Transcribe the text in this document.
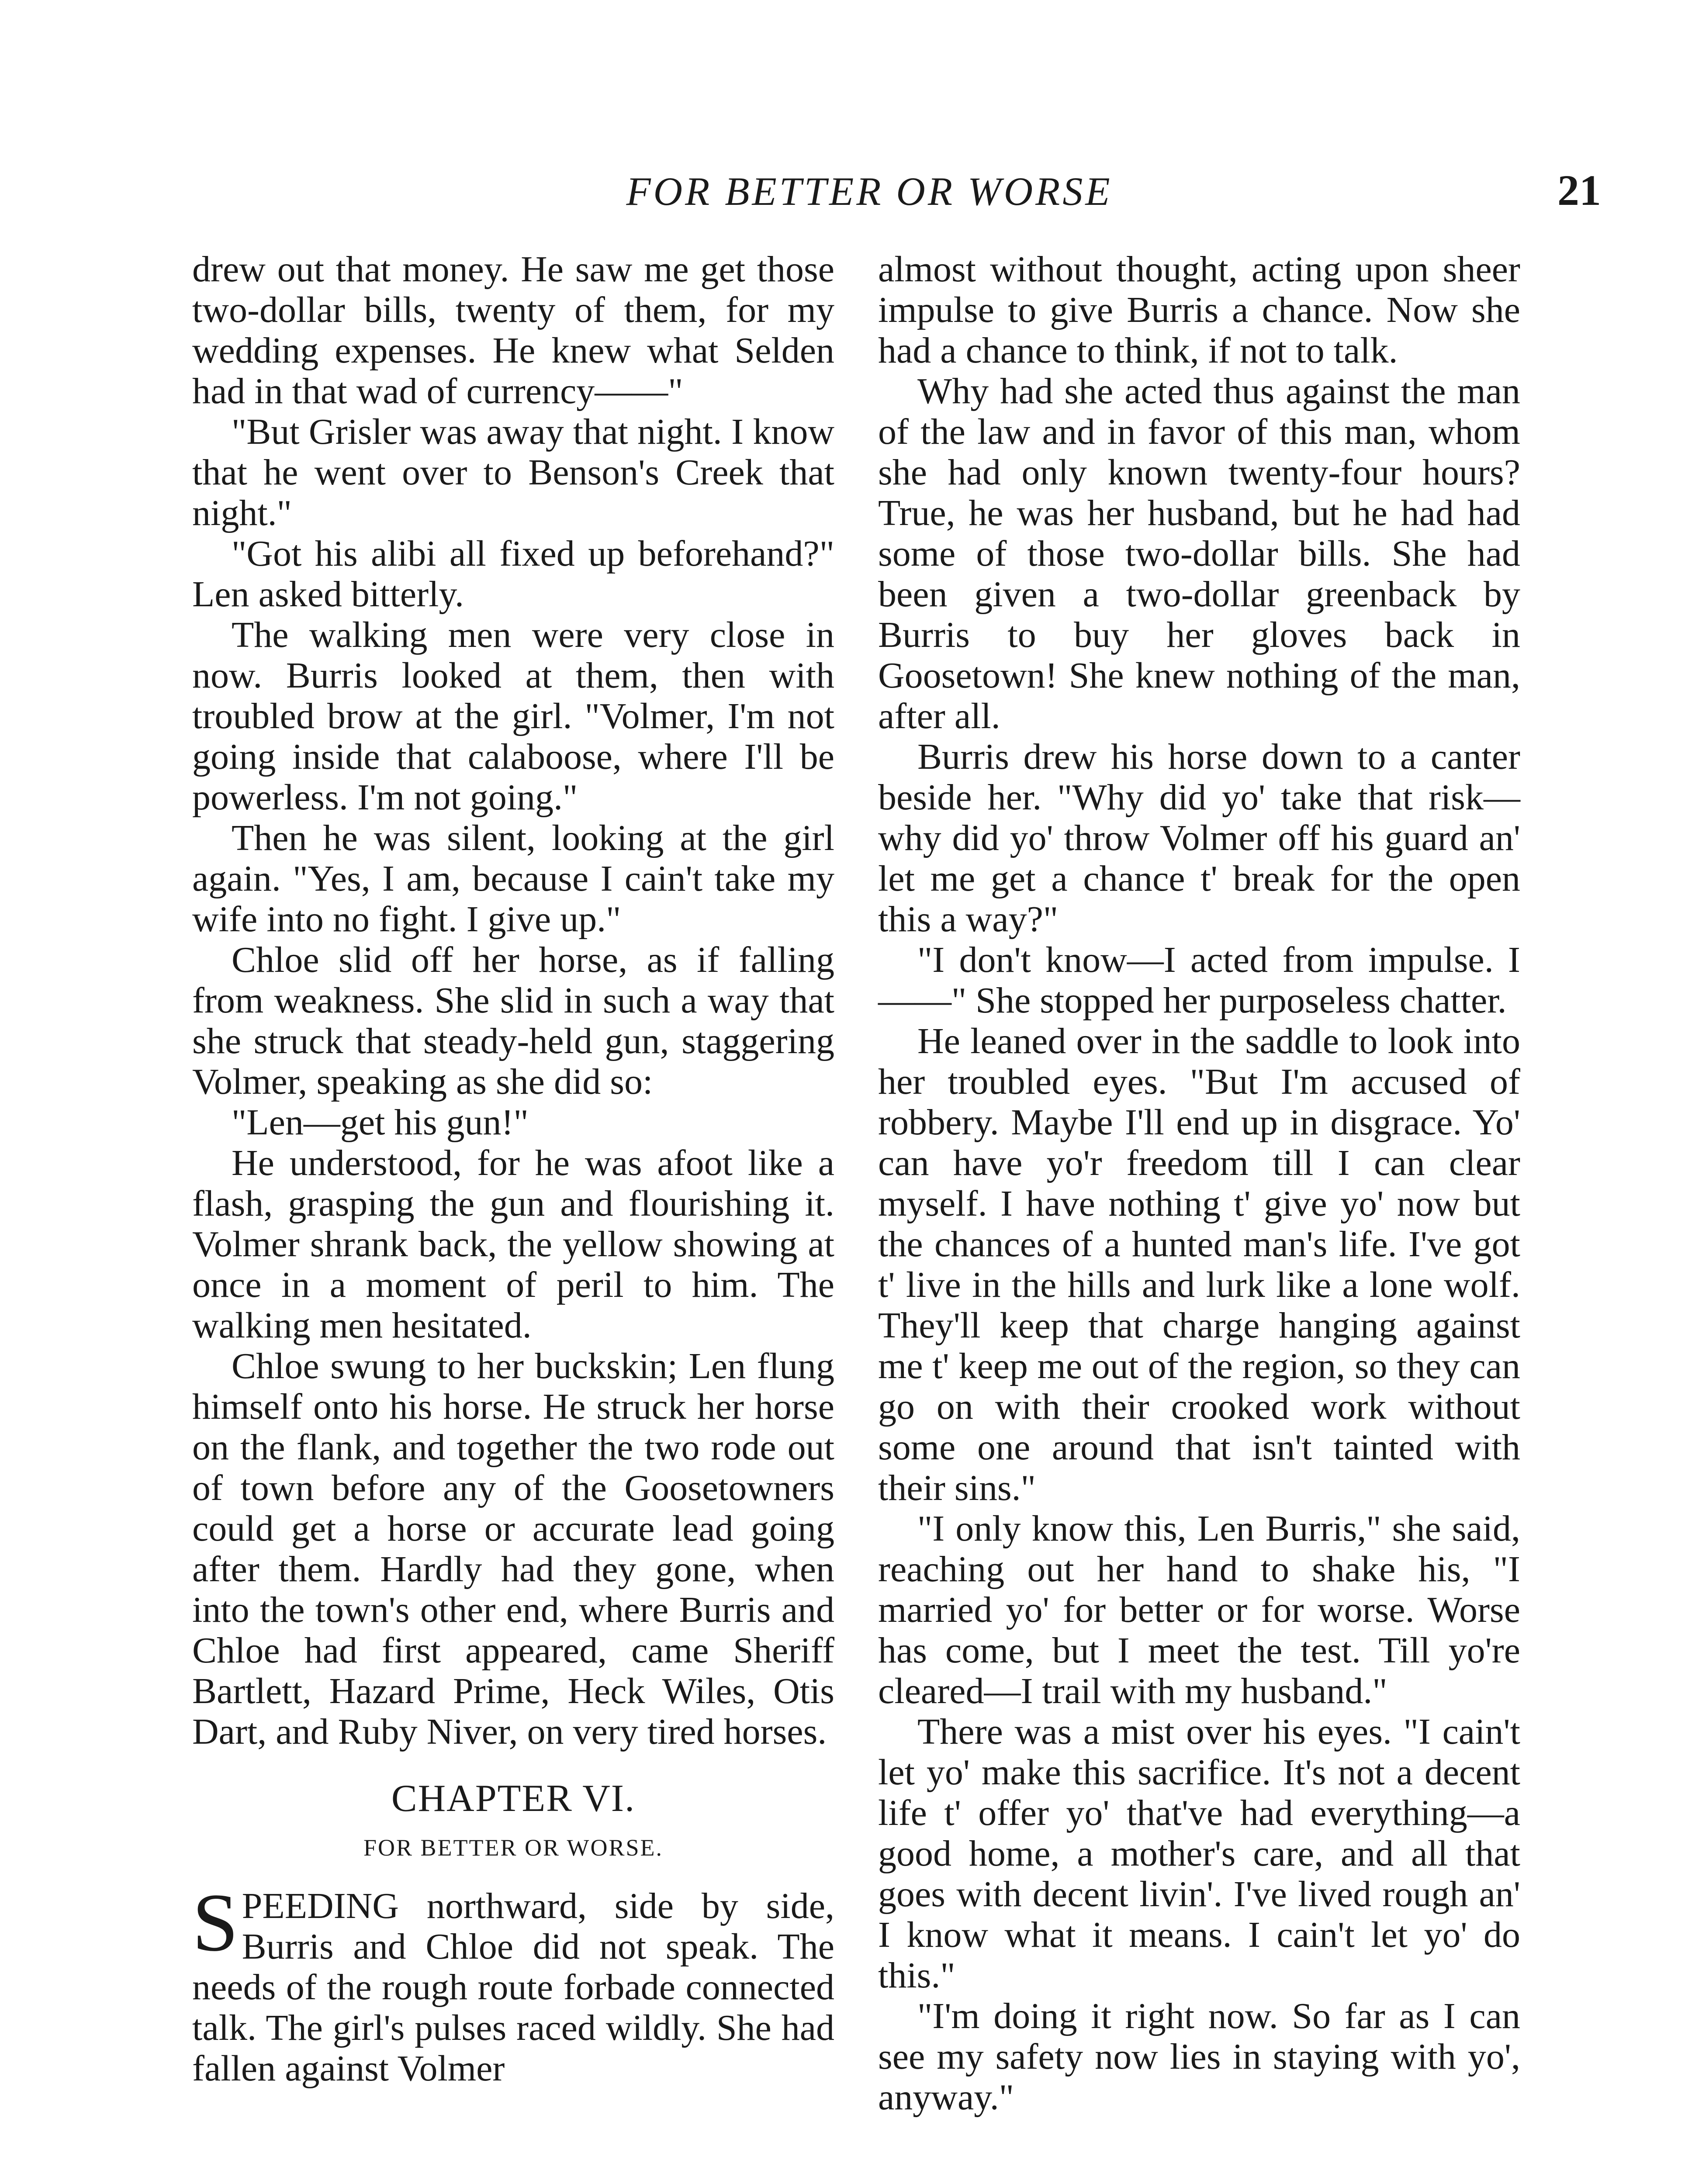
FOR BETTER OR WORSE	21

drew out that money. He saw me get those two-dollar bills, twenty of them, for my wedding expenses. He knew what Selden had in that wad of currency——"

"But Grisler was away that night. I know that he went over to Benson's Creek that night."

"Got his alibi all fixed up beforehand?" Len asked bitterly.

The walking men were very close in now. Burris looked at them, then with troubled brow at the girl. "Volmer, I'm not going inside that calaboose, where I'll be powerless. I'm not going."

Then he was silent, looking at the girl again. "Yes, I am, because I cain't take my wife into no fight. I give up."

Chloe slid off her horse, as if falling from weakness. She slid in such a way that she struck that steady-held gun, staggering Volmer, speaking as she did so:

"Len—get his gun!"

He understood, for he was afoot like a flash, grasping the gun and flourishing it. Volmer shrank back, the yellow showing at once in a moment of peril to him. The walking men hesitated.

Chloe swung to her buckskin; Len flung himself onto his horse. He struck her horse on the flank, and together the two rode out of town before any of the Goosetowners could get a horse or accurate lead going after them. Hardly had they gone, when into the town's other end, where Burris and Chloe had first appeared, came Sheriff Bartlett, Hazard Prime, Heck Wiles, Otis Dart, and Ruby Niver, on very tired horses.

CHAPTER VI.
FOR BETTER OR WORSE.

SPEEDING northward, side by side, Burris and Chloe did not speak. The needs of the rough route forbade connected talk. The girl's pulses raced wildly. She had fallen against Volmer

almost without thought, acting upon sheer impulse to give Burris a chance. Now she had a chance to think, if not to talk.

Why had she acted thus against the man of the law and in favor of this man, whom she had only known twenty-four hours? True, he was her husband, but he had had some of those two-dollar bills. She had been given a two-dollar greenback by Burris to buy her gloves back in Goosetown! She knew nothing of the man, after all.

Burris drew his horse down to a canter beside her. "Why did yo' take that risk—why did yo' throw Volmer off his guard an' let me get a chance t' break for the open this a way?"

"I don't know—I acted from impulse. I——" She stopped her purposeless chatter.

He leaned over in the saddle to look into her troubled eyes. "But I'm accused of robbery. Maybe I'll end up in disgrace. Yo' can have yo'r freedom till I can clear myself. I have nothing t' give yo' now but the chances of a hunted man's life. I've got t' live in the hills and lurk like a lone wolf. They'll keep that charge hanging against me t' keep me out of the region, so they can go on with their crooked work without some one around that isn't tainted with their sins."

"I only know this, Len Burris," she said, reaching out her hand to shake his, "I married yo' for better or for worse. Worse has come, but I meet the test. Till yo're cleared—I trail with my husband."

There was a mist over his eyes. "I cain't let yo' make this sacrifice. It's not a decent life t' offer yo' that've had everything—a good home, a mother's care, and all that goes with decent livin'. I've lived rough an' I know what it means. I cain't let yo' do this."

"I'm doing it right now. So far as I can see my safety now lies in staying with yo', anyway."
